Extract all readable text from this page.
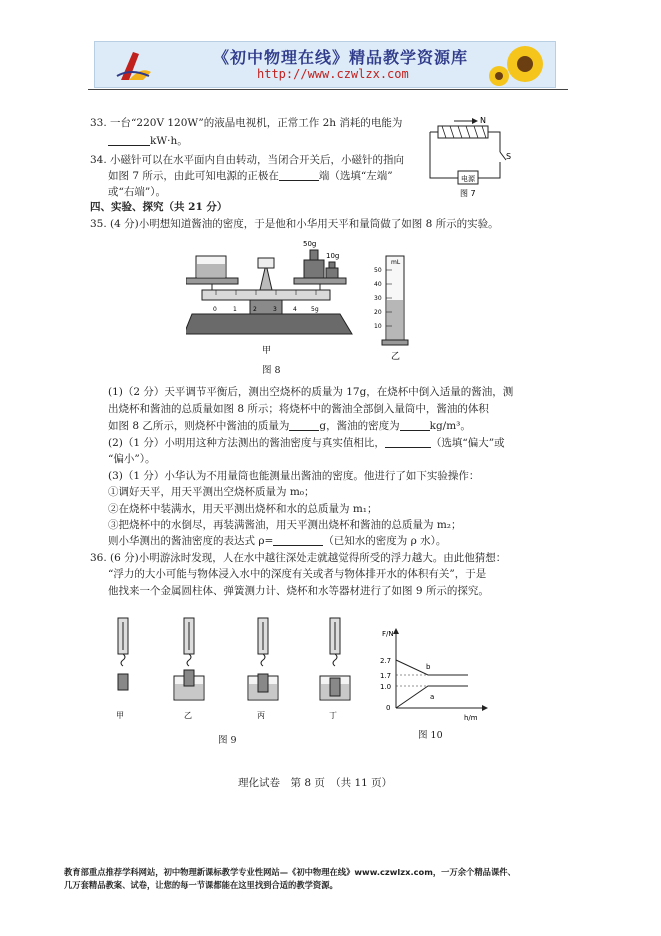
《初中物理在线》精品教学资源库
http://www.czwlzx.com
33. 一台“220V 120W”的液晶电视机，正常工作 2h 消耗的电能为
kW·h。
34. 小磁针可以在水平面内自由转动，当闭合开关后，小磁针的指向
如图 7 所示，由此可知电源的正极在	端（选填“左端”
或“右端”）。
N
S
电源
图 7
四、实验、探究（共 21 分）
35. (4 分)小明想知道酱油的密度，于是他和小华用天平和量筒做了如图 8 所示的实验。
0	1	2	3	4 5g
50g
10g
甲
mL
50
40
30
20
10
乙
图 8
(1)（2 分）天平调节平衡后，测出空烧杯的质量为 17g，在烧杯中倒入适量的酱油，测
出烧杯和酱油的总质量如图 8 所示；将烧杯中的酱油全部倒入量筒中，酱油的体积
如图 8 乙所示，则烧杯中酱油的质量为	g，酱油的密度为	kg/m³。
(2)（1 分）小明用这种方法测出的酱油密度与真实值相比，	（选填“偏大”或
“偏小”）。
(3)（1 分）小华认为不用量筒也能测量出酱油的密度。他进行了如下实验操作：
①调好天平，用天平测出空烧杯质量为 m₀；
②在烧杯中装满水，用天平测出烧杯和水的总质量为 m₁；
③把烧杯中的水倒尽，再装满酱油，用天平测出烧杯和酱油的总质量为 m₂；
则小华测出的酱油密度的表达式 ρ=	（已知水的密度为 ρ 水）。
36. (6 分)小明游泳时发现，人在水中越往深处走就越觉得所受的浮力越大。由此他猜想：
“浮力的大小可能与物体浸入水中的深度有关或者与物体排开水的体积有关”，于是
他找来一个金属圆柱体、弹簧测力计、烧杯和水等器材进行了如图 9 所示的探究。
甲	乙	丙	丁
图 9
F/N
h/m
2.7
1.7
1.0
0
b
a
图 10
理化试卷　第 8 页　（共 11 页）
教育部重点推荐学科网站，初中物理新课标教学专业性网站—《初中物理在线》www.czwlzx.com，一万余个精品课件、
几万套精品教案、试卷，让您的每一节课都能在这里找到合适的教学资源。
